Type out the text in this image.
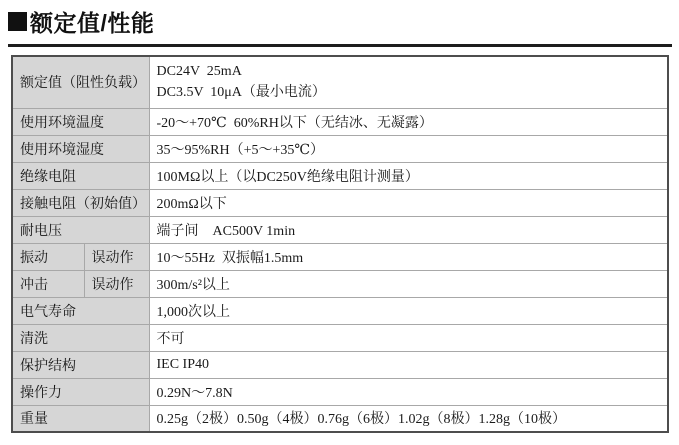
额定值/性能
额定值（阻性负载）		DC24V  25mA
DC3.5V  10μA（最小电流）

使用环境温度		-20～+70℃  60%RH以下（无结冰、无凝露）
使用环境湿度		35～95%RH（+5～+35℃）
绝缘电阻		100MΩ以上（以DC250V绝缘电阻计测量）
接触电阻（初始值）		200mΩ以下
耐电压		端子间　AC500V 1min
振动	误动作	10～55Hz  双振幅1.5mm
冲击	误动作	300m/s²以上
电气寿命		1,000次以上
清洗		不可
保护结构		IEC IP40
操作力		0.29N～7.8N
重量		0.25g（2极）0.50g（4极）0.76g（6极）1.02g（8极）1.28g（10极）
